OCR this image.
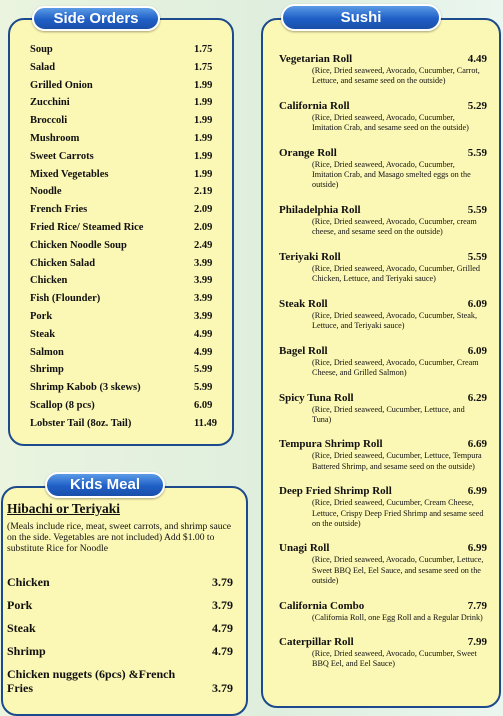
Side Orders
Soup	1.75
Salad	1.75
Grilled Onion	1.99
Zucchini	1.99
Broccoli	1.99
Mushroom	1.99
Sweet Carrots	1.99
Mixed Vegetables	1.99
Noodle	2.19
French Fries	2.09
Fried Rice/ Steamed Rice	2.09
Chicken Noodle Soup	2.49
Chicken Salad	3.99
Chicken	3.99
Fish (Flounder)	3.99
Pork	3.99
Steak	4.99
Salmon	4.99
Shrimp	5.99
Shrimp Kabob (3 skews)	5.99
Scallop (8 pcs)	6.09
Lobster Tail (8oz. Tail)	11.49
Sushi
Vegetarian Roll	4.49
(Rice, Dried seaweed, Avocado, Cucumber, Carrot, Lettuce, and sesame seed on the outside)
California Roll	5.29
(Rice, Dried seaweed, Avocado, Cucumber, Imitation Crab, and sesame seed on the outside)
Orange Roll	5.59
(Rice, Dried seaweed, Avocado, Cucumber, Imitation Crab, and Masago smelted eggs on the outside)
Philadelphia Roll	5.59
(Rice, Dried seaweed, Avocado, Cucumber, cream cheese, and sesame seed on the outside)
Teriyaki Roll	5.59
(Rice, Dried seaweed, Avocado, Cucumber, Grilled Chicken, Lettuce, and Teriyaki sauce)
Steak Roll	6.09
(Rice, Dried seaweed, Avocado, Cucumber, Steak, Lettuce, and Teriyaki sauce)
Bagel Roll	6.09
(Rice, Dried seaweed, Avocado, Cucumber, Cream Cheese, and Grilled Salmon)
Spicy Tuna Roll	6.29
(Rice, Dried seaweed, Cucumber, Lettuce, and Tuna)
Tempura Shrimp Roll	6.69
(Rice, Dried seaweed, Cucumber, Lettuce, Tempura Battered Shrimp, and sesame seed on the outside)
Deep Fried Shrimp Roll	6.99
(Rice, Dried seaweed, Cucumber, Cream Cheese, Lettuce, Crispy Deep Fried Shrimp and sesame seed on the outside)
Unagi Roll	6.99
(Rice, Dried seaweed, Avocado, Cucumber, Lettuce, Sweet BBQ Eel, Eel Sauce, and sesame seed on the outside)
California Combo	7.79
(California Roll, one Egg Roll and a Regular Drink)
Caterpillar Roll	7.99
(Rice, Dried seaweed, Avocado, Cucumber, Sweet BBQ Eel, and Eel Sauce)
Kids Meal
Hibachi or Teriyaki
(Meals include rice, meat, sweet carrots, and shrimp sauce on the side. Vegetables are not included) Add $1.00 to substitute Rice for Noodle
Chicken	3.79
Pork	3.79
Steak	4.79
Shrimp	4.79
Chicken nuggets (6pcs) &French Fries	3.79
